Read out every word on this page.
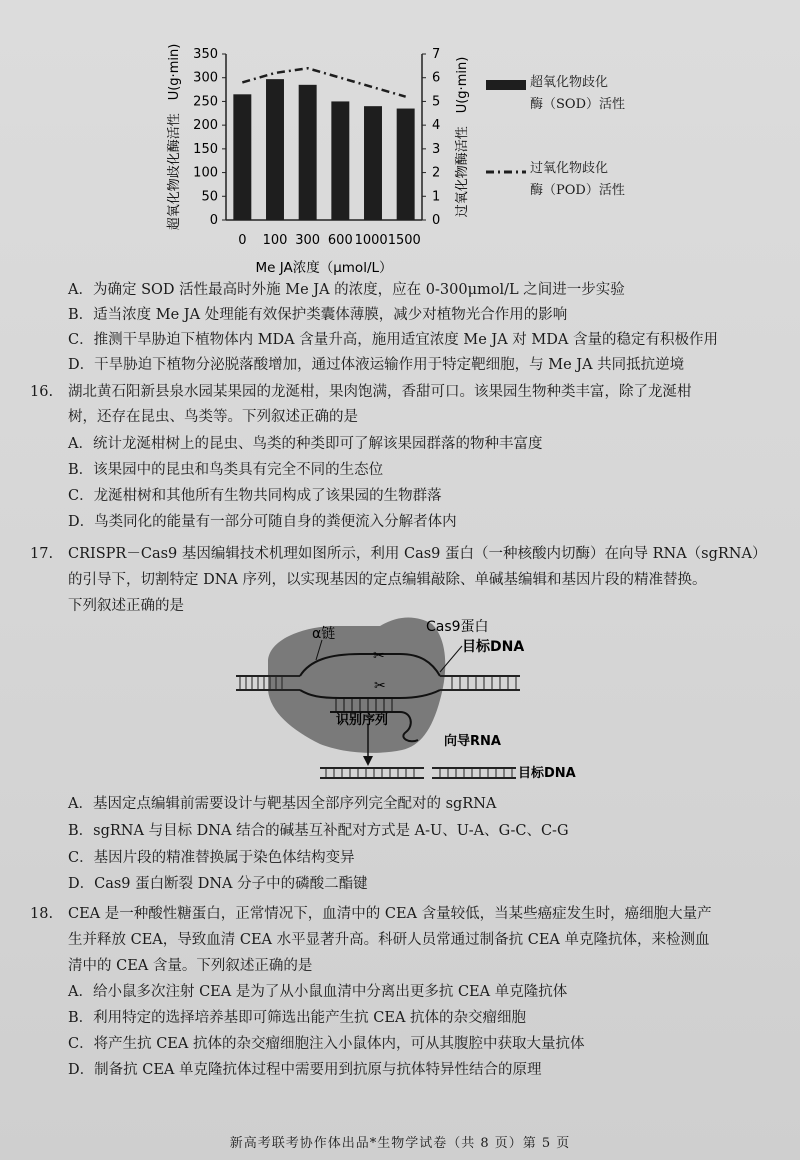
0
50
100
150
200
250
300
350
0
1
2
3
4
5
6
7
0 100 300 600 10001500
Me JA浓度（μmol/L）
超氧化物歧化酶活性　U(g·min)	过氧化物酶活性　U(g·min)	超氧化物歧化
酶（SOD）活性
过氧化物歧化
酶（POD）活性
A．为确定 SOD 活性最高时外施 Me JA 的浓度，应在 0-300μmol/L 之间进一步实验
B．适当浓度 Me JA 处理能有效保护类囊体薄膜，减少对植物光合作用的影响
C．推测干旱胁迫下植物体内 MDA 含量升高，施用适宜浓度 Me JA 对 MDA 含量的稳定有积极作用
D．干旱胁迫下植物分泌脱落酸增加，通过体液运输作用于特定靶细胞，与 Me JA 共同抵抗逆境
16. 湖北黄石阳新县泉水园某果园的龙涎柑，果肉饱满，香甜可口。该果园生物种类丰富，除了龙涎柑
树，还存在昆虫、鸟类等。下列叙述正确的是
A．统计龙涎柑树上的昆虫、鸟类的种类即可了解该果园群落的物种丰富度
B．该果园中的昆虫和鸟类具有完全不同的生态位
C．龙涎柑树和其他所有生物共同构成了该果园的生物群落
D．鸟类同化的能量有一部分可随自身的粪便流入分解者体内
17. CRISPR－Cas9 基因编辑技术机理如图所示，利用 Cas9 蛋白（一种核酸内切酶）在向导 RNA（sgRNA）
的引导下，切割特定 DNA 序列，以实现基因的定点编辑敲除、单碱基编辑和基因片段的精准替换。
下列叙述正确的是
✂
✂
α链	Cas9蛋白
目标DNA
识别序列
向导RNA
目标DNA
A．基因定点编辑前需要设计与靶基因全部序列完全配对的 sgRNA
B．sgRNA 与目标 DNA 结合的碱基互补配对方式是 A-U、U-A、G-C、C-G
C．基因片段的精准替换属于染色体结构变异
D．Cas9 蛋白断裂 DNA 分子中的磷酸二酯键
18. CEA 是一种酸性糖蛋白，正常情况下，血清中的 CEA 含量较低，当某些癌症发生时，癌细胞大量产
生并释放 CEA，导致血清 CEA 水平显著升高。科研人员常通过制备抗 CEA 单克隆抗体，来检测血
清中的 CEA 含量。下列叙述正确的是
A．给小鼠多次注射 CEA 是为了从小鼠血清中分离出更多抗 CEA 单克隆抗体
B．利用特定的选择培养基即可筛选出能产生抗 CEA 抗体的杂交瘤细胞
C．将产生抗 CEA 抗体的杂交瘤细胞注入小鼠体内，可从其腹腔中获取大量抗体
D．制备抗 CEA 单克隆抗体过程中需要用到抗原与抗体特异性结合的原理
新高考联考协作体出品*生物学试卷（共 8 页）第 5 页
